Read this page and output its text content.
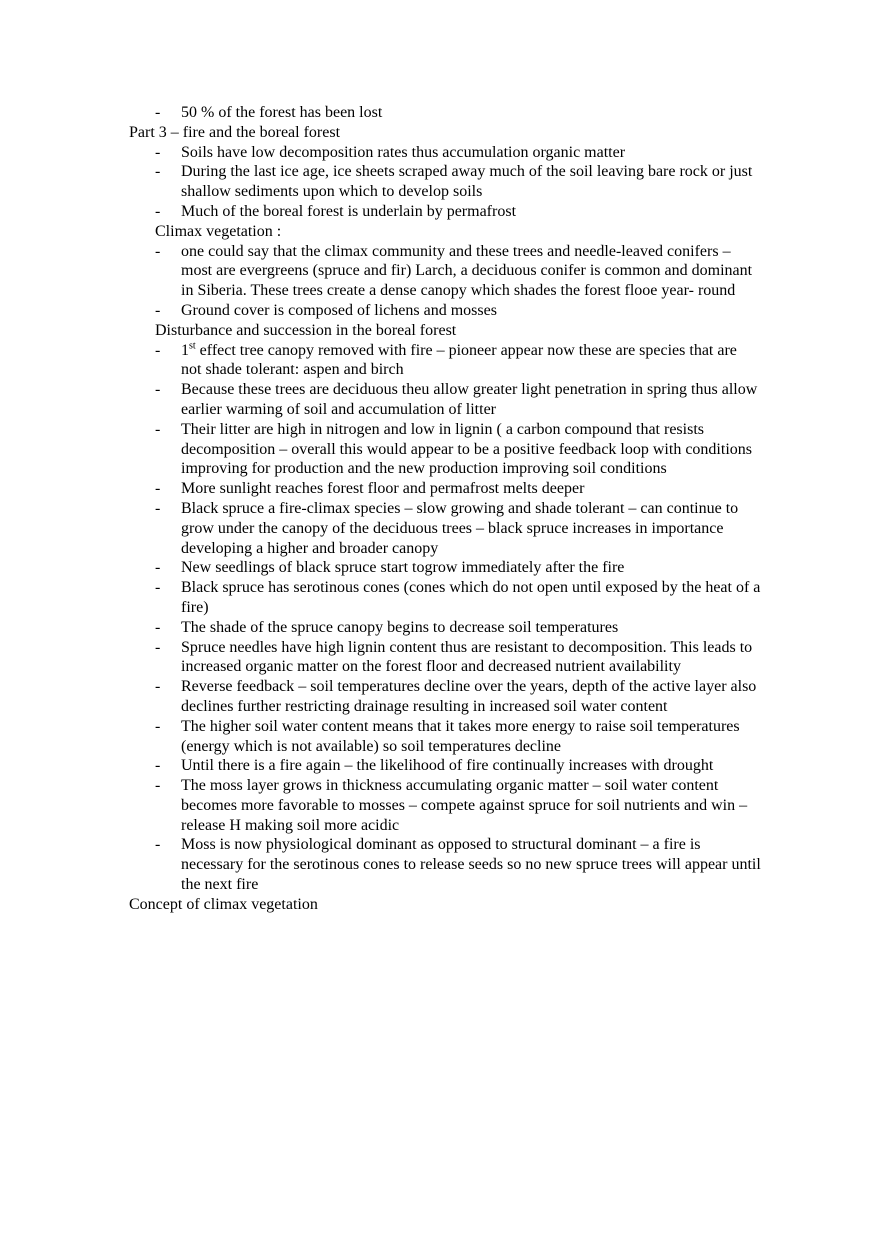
- 50 % of the forest has been lost
Part 3 – fire and the boreal forest
- Soils have low decomposition rates thus accumulation organic matter
- During the last ice age, ice sheets scraped away much of the soil leaving bare rock or just shallow sediments upon which to develop soils
- Much of the boreal forest is underlain by permafrost
Climax vegetation :
- one could say that the climax community and these trees and needle-leaved conifers – most are evergreens (spruce and fir) Larch, a deciduous conifer is common and dominant in Siberia. These trees create a dense canopy which shades the forest flooe year- round
- Ground cover is composed of lichens and mosses
Disturbance and succession in the boreal forest
- 1st effect tree canopy removed with fire – pioneer appear now these are species that are not shade tolerant: aspen and birch
- Because these trees are deciduous theu allow greater light penetration in spring thus allow earlier warming of soil and accumulation of litter
- Their litter are high in nitrogen and low in lignin ( a carbon compound that resists decomposition – overall this would appear to be a positive feedback loop with conditions improving for production and the new production improving soil conditions
- More sunlight reaches forest floor and permafrost melts deeper
- Black spruce a fire-climax species – slow growing and shade tolerant – can continue to grow under the canopy of the deciduous trees – black spruce increases in importance developing a higher and broader canopy
- New seedlings of black spruce start togrow immediately after the fire
- Black spruce has serotinous cones (cones which do not open until exposed by the heat of a fire)
- The shade of the spruce canopy begins to decrease soil temperatures
- Spruce needles have high lignin content thus are resistant to decomposition. This leads to increased organic matter on the forest floor and decreased nutrient availability
- Reverse feedback – soil temperatures decline over the years, depth of the active layer also declines further restricting drainage resulting in increased soil water content
- The higher soil water content means that it takes more energy to raise soil temperatures (energy which is not available) so soil temperatures decline
- Until there is a fire again – the likelihood of fire continually increases with drought
- The moss layer grows in thickness accumulating organic matter – soil water content becomes more favorable to mosses – compete against spruce for soil nutrients and win – release H making soil more acidic
- Moss is now physiological dominant as opposed to structural dominant – a fire is necessary for the serotinous cones to release seeds so no new spruce trees will appear until the next fire
Concept of climax vegetation
